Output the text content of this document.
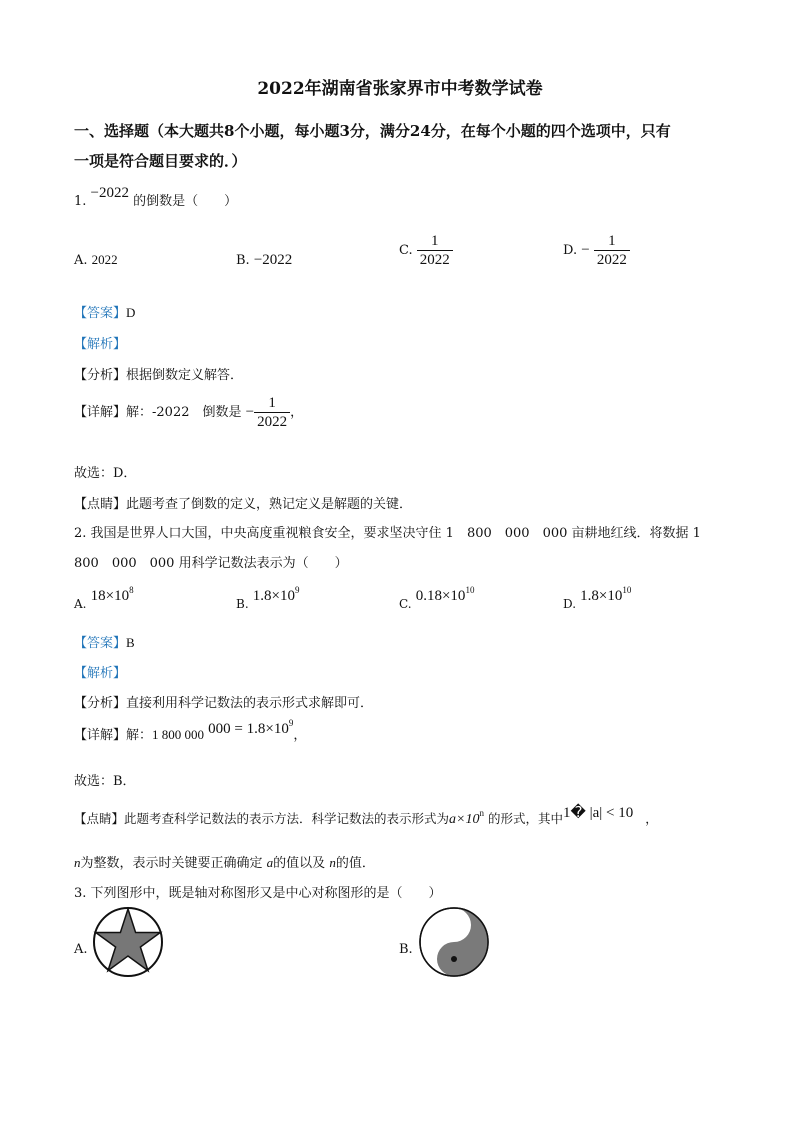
2022年湖南省张家界市中考数学试卷
一、选择题（本大题共8个小题，每小题3分，满分24分，在每个小题的四个选项中，只有
一项是符合题目要求的．）
1. −2022 的倒数是（　　）
A. 2022	B. −2022
C. $\frac{1}{2022}$	D. − $\frac{1}{2022}$
【答案】D
【解析】
【分析】根据倒数定义解答．
【详解】解：-2022　倒数是 − $\frac{1}{2022}$ ，
故选：D．
【点睛】此题考查了倒数的定义，熟记定义是解题的关键．
2. 我国是世界人口大国，中央高度重视粮食安全，要求坚决守住 1　800　000　000 亩耕地红线．将数据 1
800　000　000 用科学记数法表示为（　　）
A. $18\times 10^8$
B. $1.8\times 10^9$
C. $0.18\times 10^{10}$
D. $1.8\times 10^{10}$
【答案】B
【解析】
【分析】直接利用科学记数法的表示形式求解即可．
【详解】解：1 800 000 $000 = 1.8\times 10^9$，
故选：B．
【点睛】此题考查科学记数法的表示方法．科学记数法的表示形式为$a\times 10^n$ 的形式，其中1� |a| < 10 ，
n为整数，表示时关键要正确确定 a的值以及 n的值．
3. 下列图形中，既是轴对称图形又是中心对称图形的是（　　）
A.	B.
